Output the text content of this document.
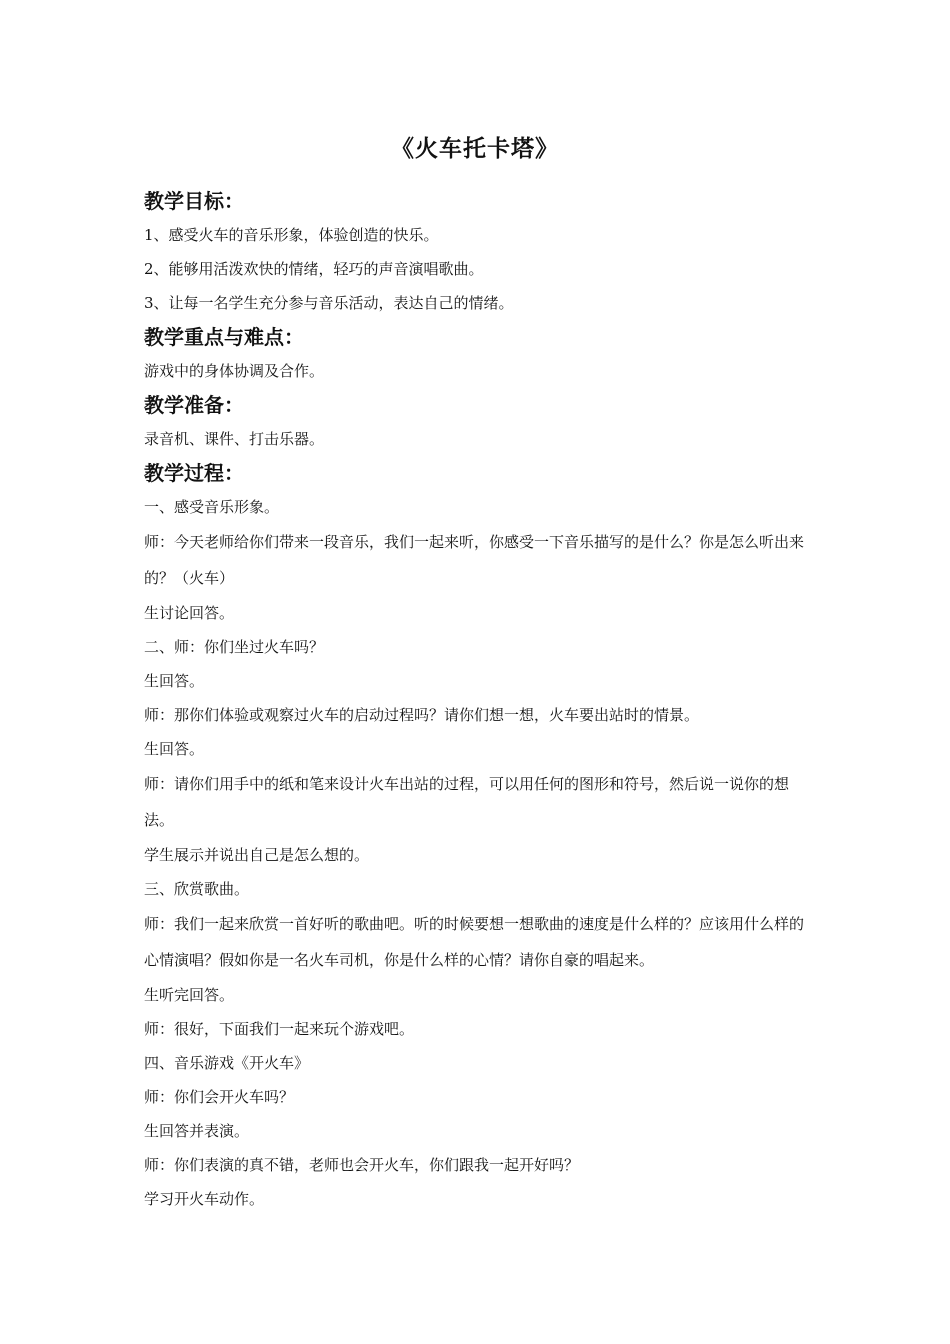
《火车托卡塔》
教学目标：
1、感受火车的音乐形象，体验创造的快乐。
2、能够用活泼欢快的情绪，轻巧的声音演唱歌曲。
3、让每一名学生充分参与音乐活动，表达自己的情绪。
教学重点与难点：
游戏中的身体协调及合作。
教学准备：
录音机、课件、打击乐器。
教学过程：
一、感受音乐形象。
师：今天老师给你们带来一段音乐，我们一起来听，你感受一下音乐描写的是什么？你是怎么听出来的？（火车）
生讨论回答。
二、师：你们坐过火车吗？
生回答。
师：那你们体验或观察过火车的启动过程吗？请你们想一想，火车要出站时的情景。
生回答。
师：请你们用手中的纸和笔来设计火车出站的过程，可以用任何的图形和符号，然后说一说你的想法。
学生展示并说出自己是怎么想的。
三、欣赏歌曲。
师：我们一起来欣赏一首好听的歌曲吧。听的时候要想一想歌曲的速度是什么样的？应该用什么样的心情演唱？假如你是一名火车司机，你是什么样的心情？请你自豪的唱起来。
生听完回答。
师：很好，下面我们一起来玩个游戏吧。
四、音乐游戏《开火车》
师：你们会开火车吗？
生回答并表演。
师：你们表演的真不错，老师也会开火车，你们跟我一起开好吗？
学习开火车动作。
